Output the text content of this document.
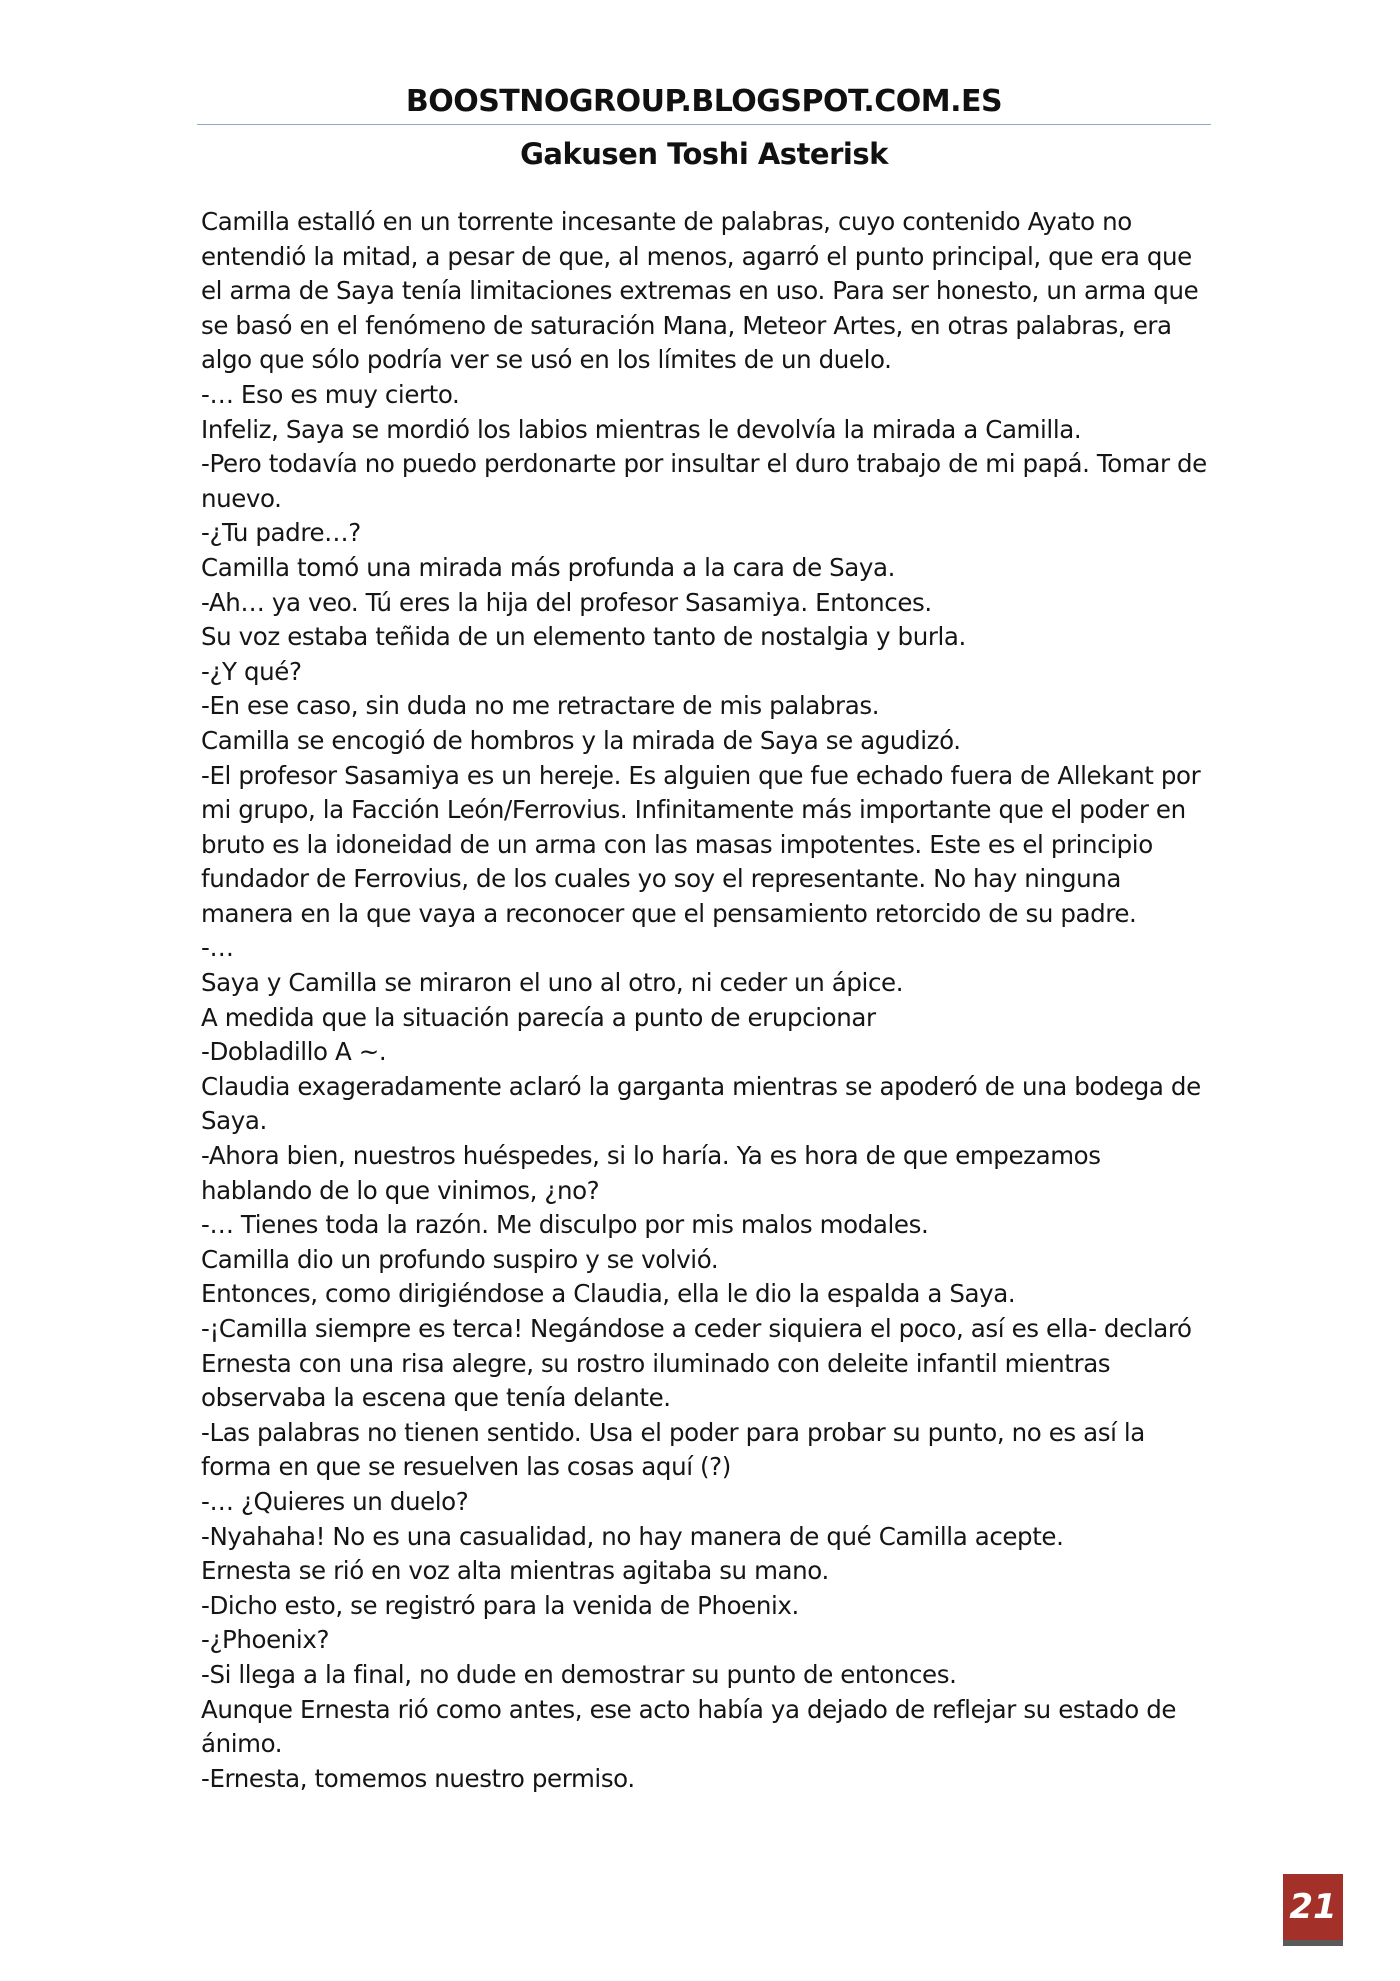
BOOSTNOGROUP.BLOGSPOT.COM.ES
Gakusen Toshi Asterisk

Camilla estalló en un torrente incesante de palabras, cuyo contenido Ayato no entendió la mitad, a pesar de que, al menos, agarró el punto principal, que era que el arma de Saya tenía limitaciones extremas en uso. Para ser honesto, un arma que se basó en el fenómeno de saturación Mana, Meteor Artes, en otras palabras, era algo que sólo podría ver se usó en los límites de un duelo.

-… Eso es muy cierto.

Infeliz, Saya se mordió los labios mientras le devolvía la mirada a Camilla.

-Pero todavía no puedo perdonarte por insultar el duro trabajo de mi papá. Tomar de nuevo.

-¿Tu padre…?

Camilla tomó una mirada más profunda a la cara de Saya.

-Ah… ya veo. Tú eres la hija del profesor Sasamiya. Entonces.

Su voz estaba teñida de un elemento tanto de nostalgia y burla.

-¿Y qué?

-En ese caso, sin duda no me retractare de mis palabras.

Camilla se encogió de hombros y la mirada de Saya se agudizó.

-El profesor Sasamiya es un hereje. Es alguien que fue echado fuera de Allekant por mi grupo, la Facción León/Ferrovius. Infinitamente más importante que el poder en bruto es la idoneidad de un arma con las masas impotentes. Este es el principio fundador de Ferrovius, de los cuales yo soy el representante. No hay ninguna manera en la que vaya a reconocer que el pensamiento retorcido de su padre.

-…

Saya y Camilla se miraron el uno al otro, ni ceder un ápice.

A medida que la situación parecía a punto de erupcionar

-Dobladillo A ~.

Claudia exageradamente aclaró la garganta mientras se apoderó de una bodega de Saya.

-Ahora bien, nuestros huéspedes, si lo haría. Ya es hora de que empezamos hablando de lo que vinimos, ¿no?

-… Tienes toda la razón. Me disculpo por mis malos modales.

Camilla dio un profundo suspiro y se volvió.

Entonces, como dirigiéndose a Claudia, ella le dio la espalda a Saya.

-¡Camilla siempre es terca! Negándose a ceder siquiera el poco, así es ella- declaró Ernesta con una risa alegre, su rostro iluminado con deleite infantil mientras observaba la escena que tenía delante.

-Las palabras no tienen sentido. Usa el poder para probar su punto, no es así la forma en que se resuelven las cosas aquí (?)

-… ¿Quieres un duelo?

-Nyahaha! No es una casualidad, no hay manera de qué Camilla acepte.

Ernesta se rió en voz alta mientras agitaba su mano.

-Dicho esto, se registró para la venida de Phoenix.

-¿Phoenix?

-Si llega a la final, no dude en demostrar su punto de entonces.

Aunque Ernesta rió como antes, ese acto había ya dejado de reflejar su estado de ánimo.

-Ernesta, tomemos nuestro permiso.

21
